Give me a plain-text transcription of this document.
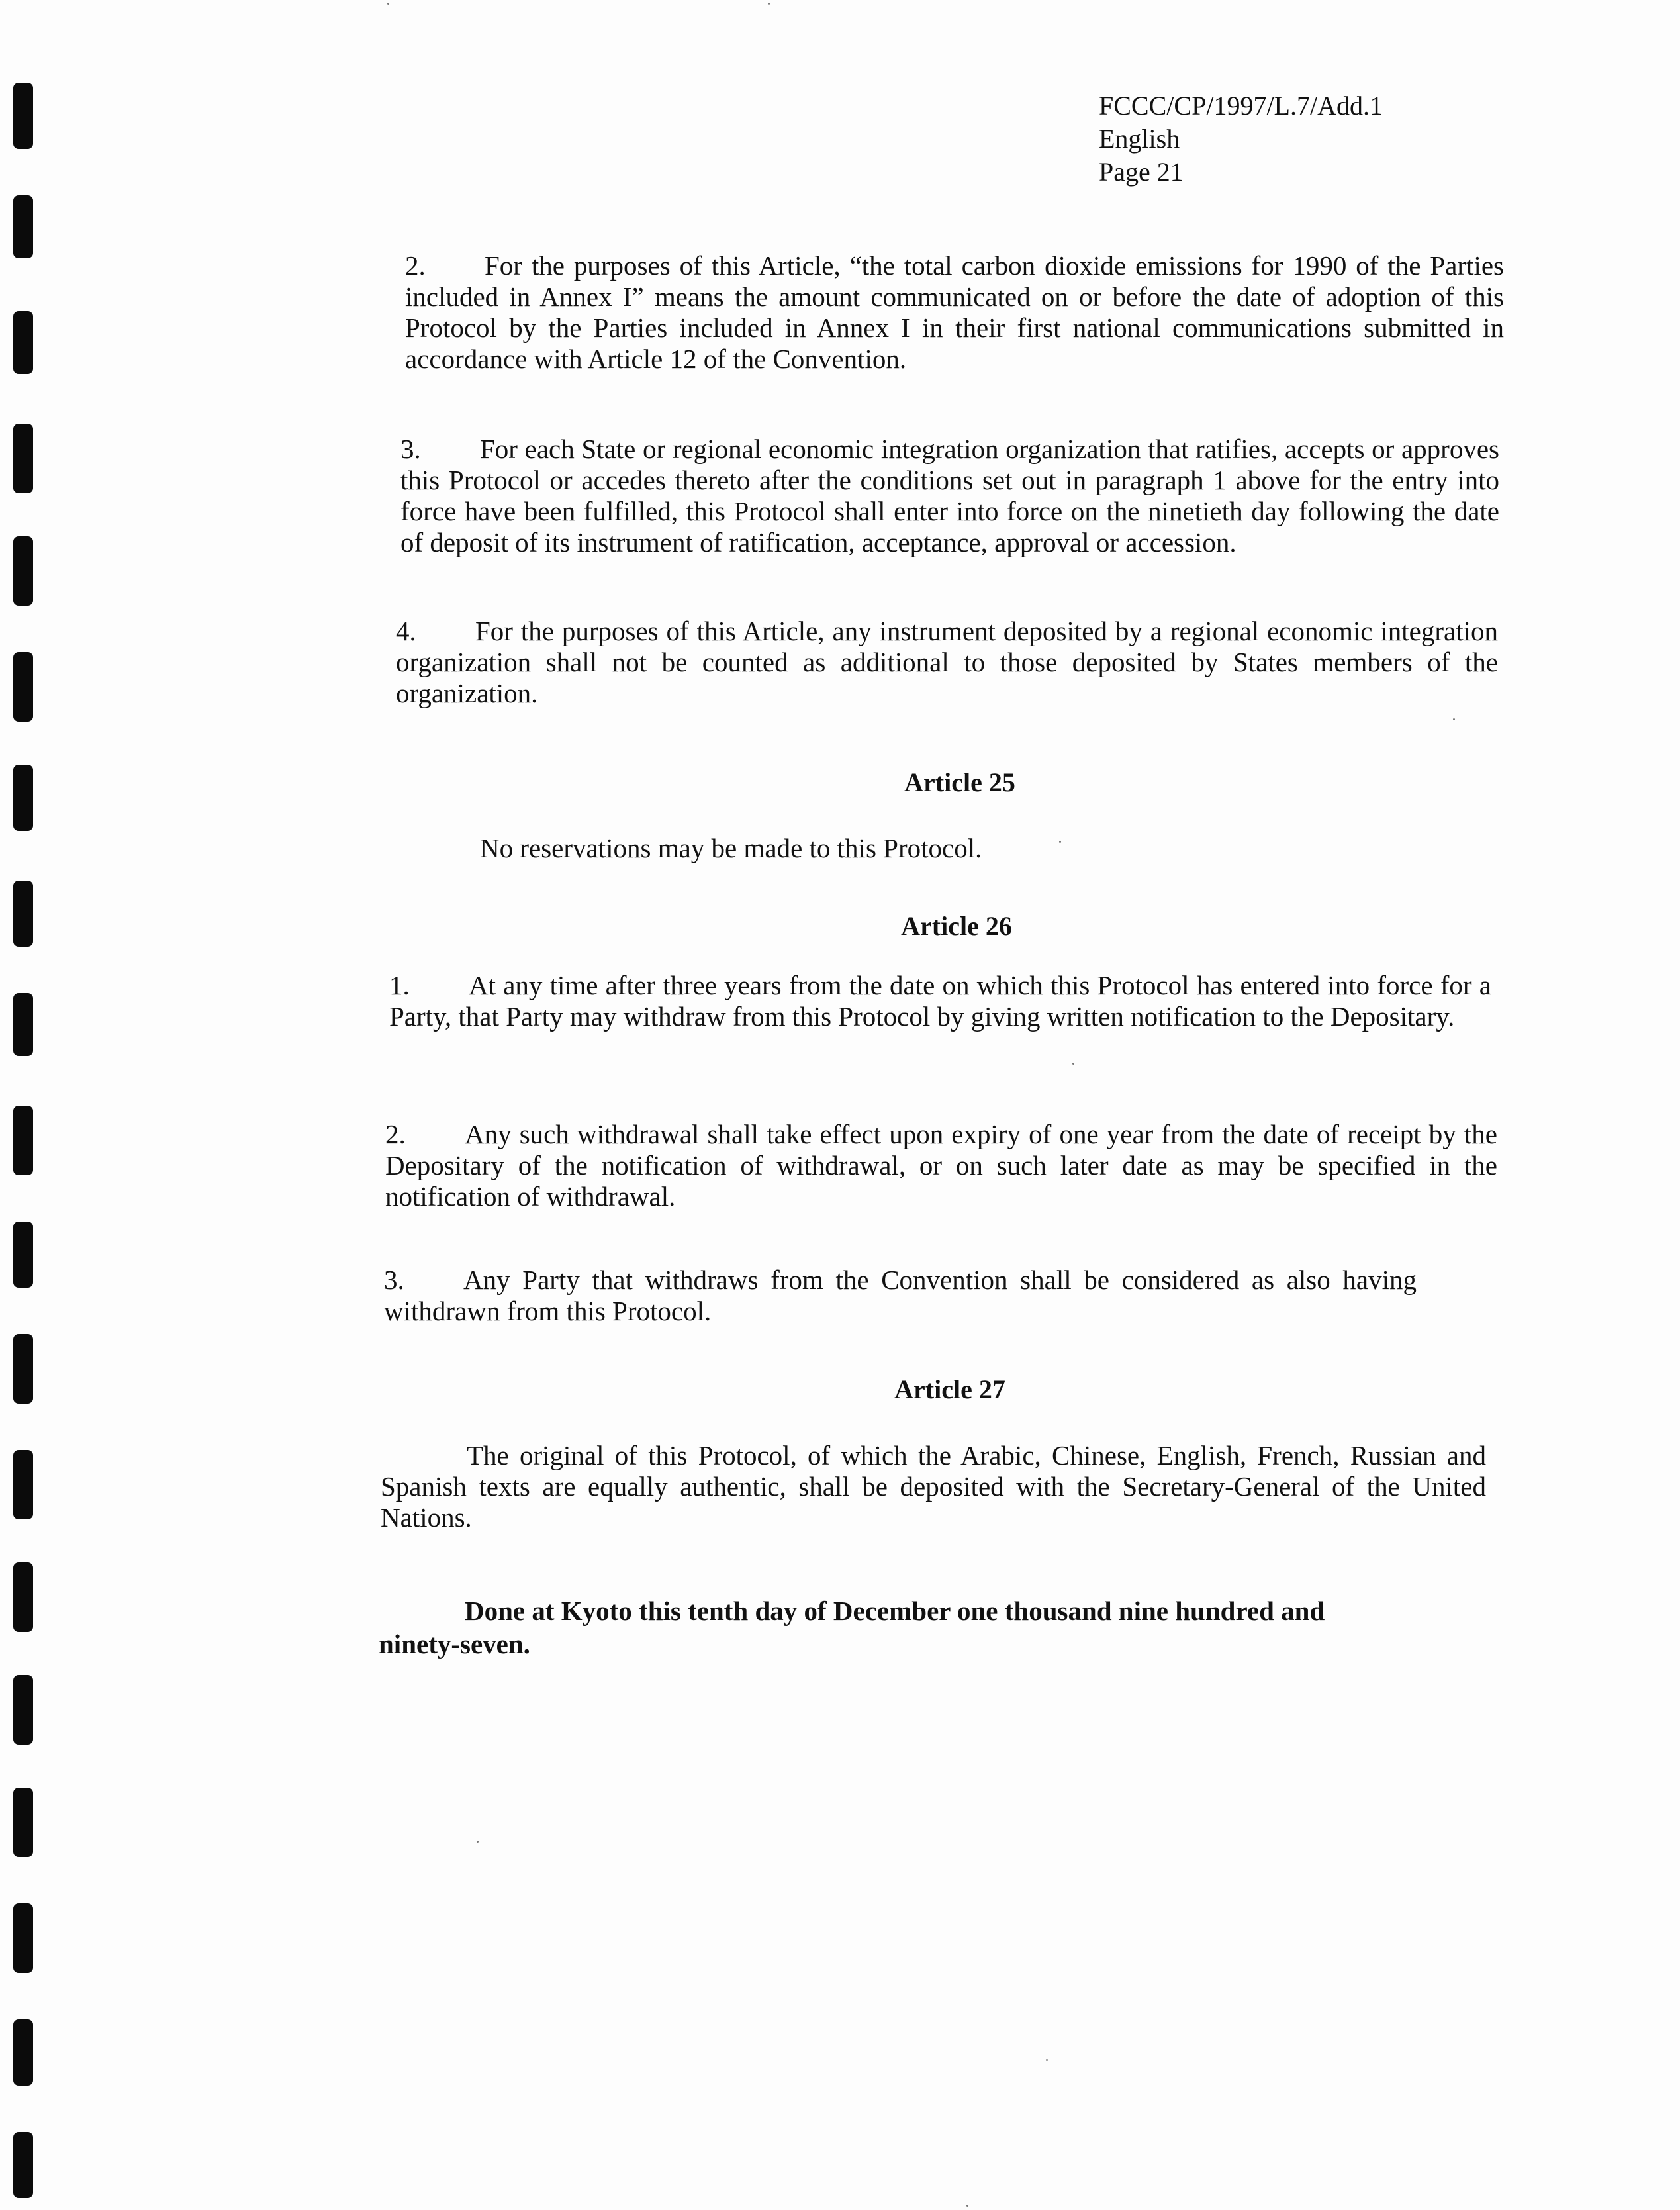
FCCC/CP/1997/L.7/Add.1
English
Page 21
2. For the purposes of this Article, “the total carbon dioxide emissions for 1990 of the Parties included in Annex I” means the amount communicated on or before the date of adoption of this Protocol by the Parties included in Annex I in their first national communications submitted in accordance with Article 12 of the Convention.
3. For each State or regional economic integration organization that ratifies, accepts or approves this Protocol or accedes thereto after the conditions set out in paragraph 1 above for the entry into force have been fulfilled, this Protocol shall enter into force on the ninetieth day following the date of deposit of its instrument of ratification, acceptance, approval or accession.
4. For the purposes of this Article, any instrument deposited by a regional economic integration organization shall not be counted as additional to those deposited by States members of the organization.
Article 25
No reservations may be made to this Protocol.
Article 26
1. At any time after three years from the date on which this Protocol has entered into force for a Party, that Party may withdraw from this Protocol by giving written notification to the Depositary.
2. Any such withdrawal shall take effect upon expiry of one year from the date of receipt by the Depositary of the notification of withdrawal, or on such later date as may be specified in the notification of withdrawal.
3. Any Party that withdraws from the Convention shall be considered as also having withdrawn from this Protocol.
Article 27
The original of this Protocol, of which the Arabic, Chinese, English, French, Russian and Spanish texts are equally authentic, shall be deposited with the Secretary-General of the United Nations.
Done at Kyoto this tenth day of December one thousand nine hundred and ninety-seven.
